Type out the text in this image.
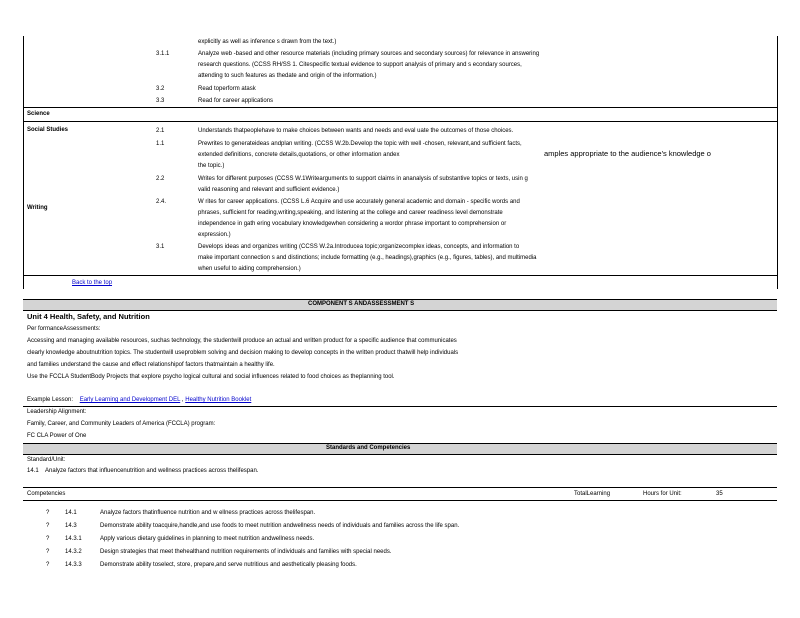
explicitly as well as inference s drawn from the text.)
3.1.1	Analyze web -based and other resource materials (including primary sources and secondary sources) for relevance in answering
research questions. (CCSS RH/SS 1. Citespecific textual evidence to support analysis of primary and s econdary sources,
attending to such features as thedate and origin of the information.)
3.2	Read toperform atask
3.3	Read for career applications
Science
Social Studies	2.1	Understands thatpeoplehave to make choices between wants and needs and eval uate the outcomes of those choices.
1.1	Prewrites to generateideas andplan writing. (CCSS W.2b.Develop the topic with well -chosen, relevant,and sufficient facts,
extended definitions, concrete details,quotations, or other information andex	amples appropriate to the audience's knowledge o
the topic.)
2.2	Writes for different purposes (CCSS W.1Writearguments to support claims in ananalysis of substantive topics or texts, usin g
valid reasoning and relevant and sufficient evidence.)
Writing
2.4.	W rites for career applications. (CCSS L.6 Acquire and use accurately general academic and domain - specific words and
phrases, sufficient for reading,writing,speaking, and listening at the college and career readiness level demonstrate
independence in gath ering vocabulary knowledgewhen considering a wordor phrase important to comprehension or
expression.)
3.1	Develops ideas and organizes writing (CCSS W.2a.Introducea topic;organizecomplex ideas, concepts, and information to
make important connection s and distinctions; include formatting (e.g., headings),graphics (e.g., figures, tables), and multimedia
when useful to aiding comprehension.)
Back to the top
COMPONENT S ANDASSESSMENT S
Unit 4 Health, Safety, and Nutrition
Per formanceAssessments:
Accessing and managing available resources, suchas technology, the studentwill produce an actual and written product for a specific audience that communicates
clearly knowledge aboutnutrition topics. The studentwill useproblem solving and decision making to develop concepts in the written product thatwill help individuals
and families understand the cause and effect relationshipof factors thatmaintain a healthy life.
Use the FCCLA StudentBody Projects that explore psycho logical cultural and social influences related to food choices as theplanning tool.
Example Lesson: Early Learning and Development DEL , Healthy Nutrition Booklet
Leadership Alignment:
Family, Career, and Community Leaders of America (FCCLA) program:
FC CLA Power of One
Standards and Competencies
Standard/Unit:
14.1 Analyze factors that influencenutrition and wellness practices across thelifespan.
Competencies	TotalLearning	Hours for Unit:	35
?	14.1	Analyze factors thatinfluence nutrition and w ellness practices across thelifespan.
?	14.3	Demonstrate ability toacquire,handle,and use foods to meet nutrition andwellness needs of individuals and families across the life span.
?	14.3.1	Apply various dietary guidelines in planning to meet nutrition andwellness needs.
?	14.3.2	Design strategies that meet thehealthand nutrition requirements of individuals and families with special needs.
?	14.3.3	Demonstrate ability toselect, store, prepare,and serve nutritious and aesthetically pleasing foods.
